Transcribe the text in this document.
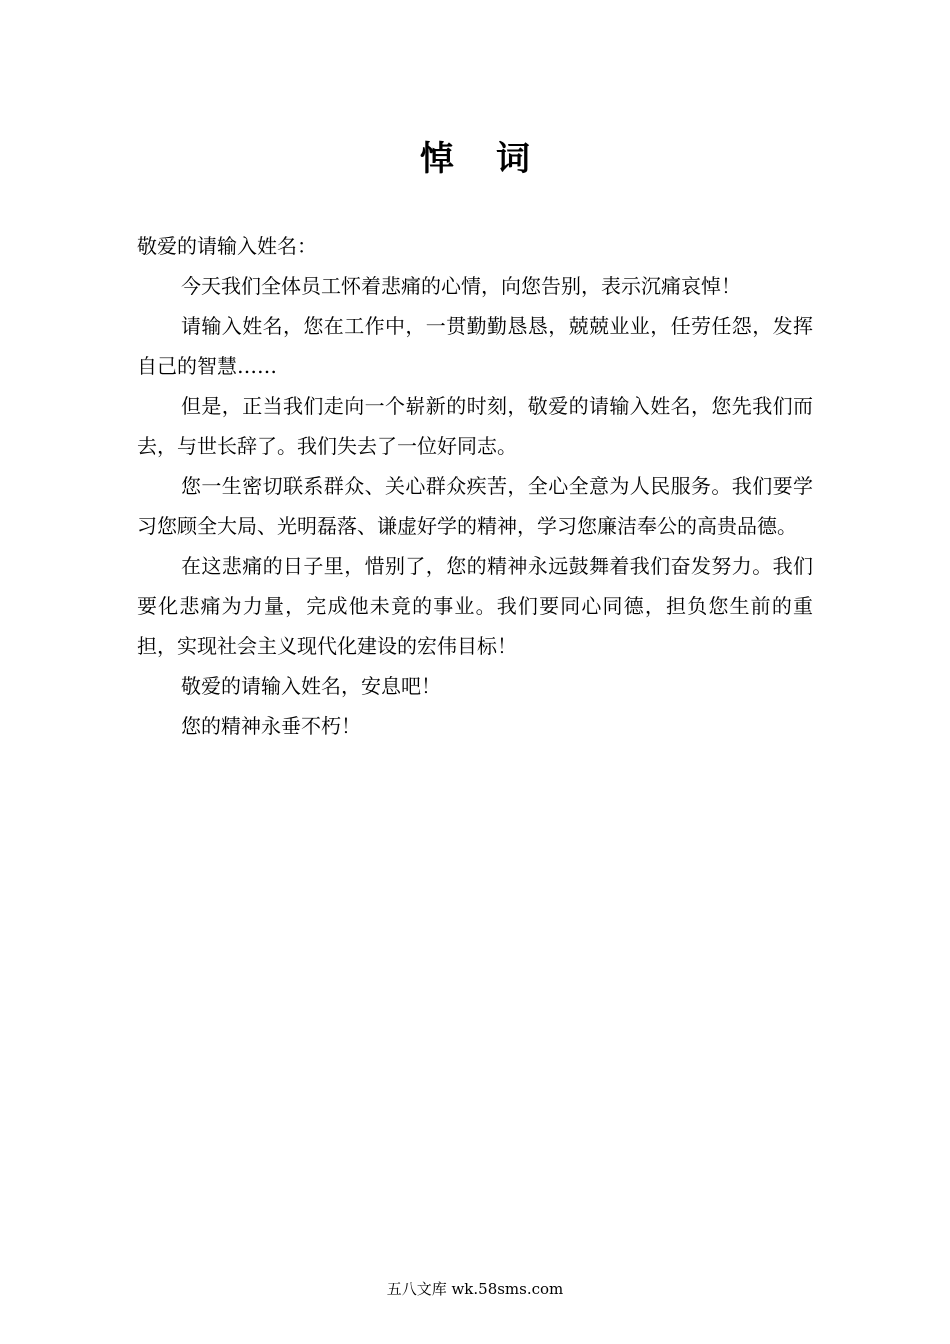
悼 词
敬爱的请输入姓名：

今天我们全体员工怀着悲痛的心情，向您告别，表示沉痛哀悼！

请输入姓名，您在工作中，一贯勤勤恳恳，兢兢业业，任劳任怨，发挥自己的智慧……

但是，正当我们走向一个崭新的时刻，敬爱的请输入姓名，您先我们而去，与世长辞了。我们失去了一位好同志。

您一生密切联系群众、关心群众疾苦，全心全意为人民服务。我们要学习您顾全大局、光明磊落、谦虚好学的精神，学习您廉洁奉公的高贵品德。

在这悲痛的日子里，惜别了，您的精神永远鼓舞着我们奋发努力。我们要化悲痛为力量，完成他未竟的事业。我们要同心同德，担负您生前的重担，实现社会主义现代化建设的宏伟目标！

敬爱的请输入姓名，安息吧！

您的精神永垂不朽！

五八文库 wk.58sms.com
